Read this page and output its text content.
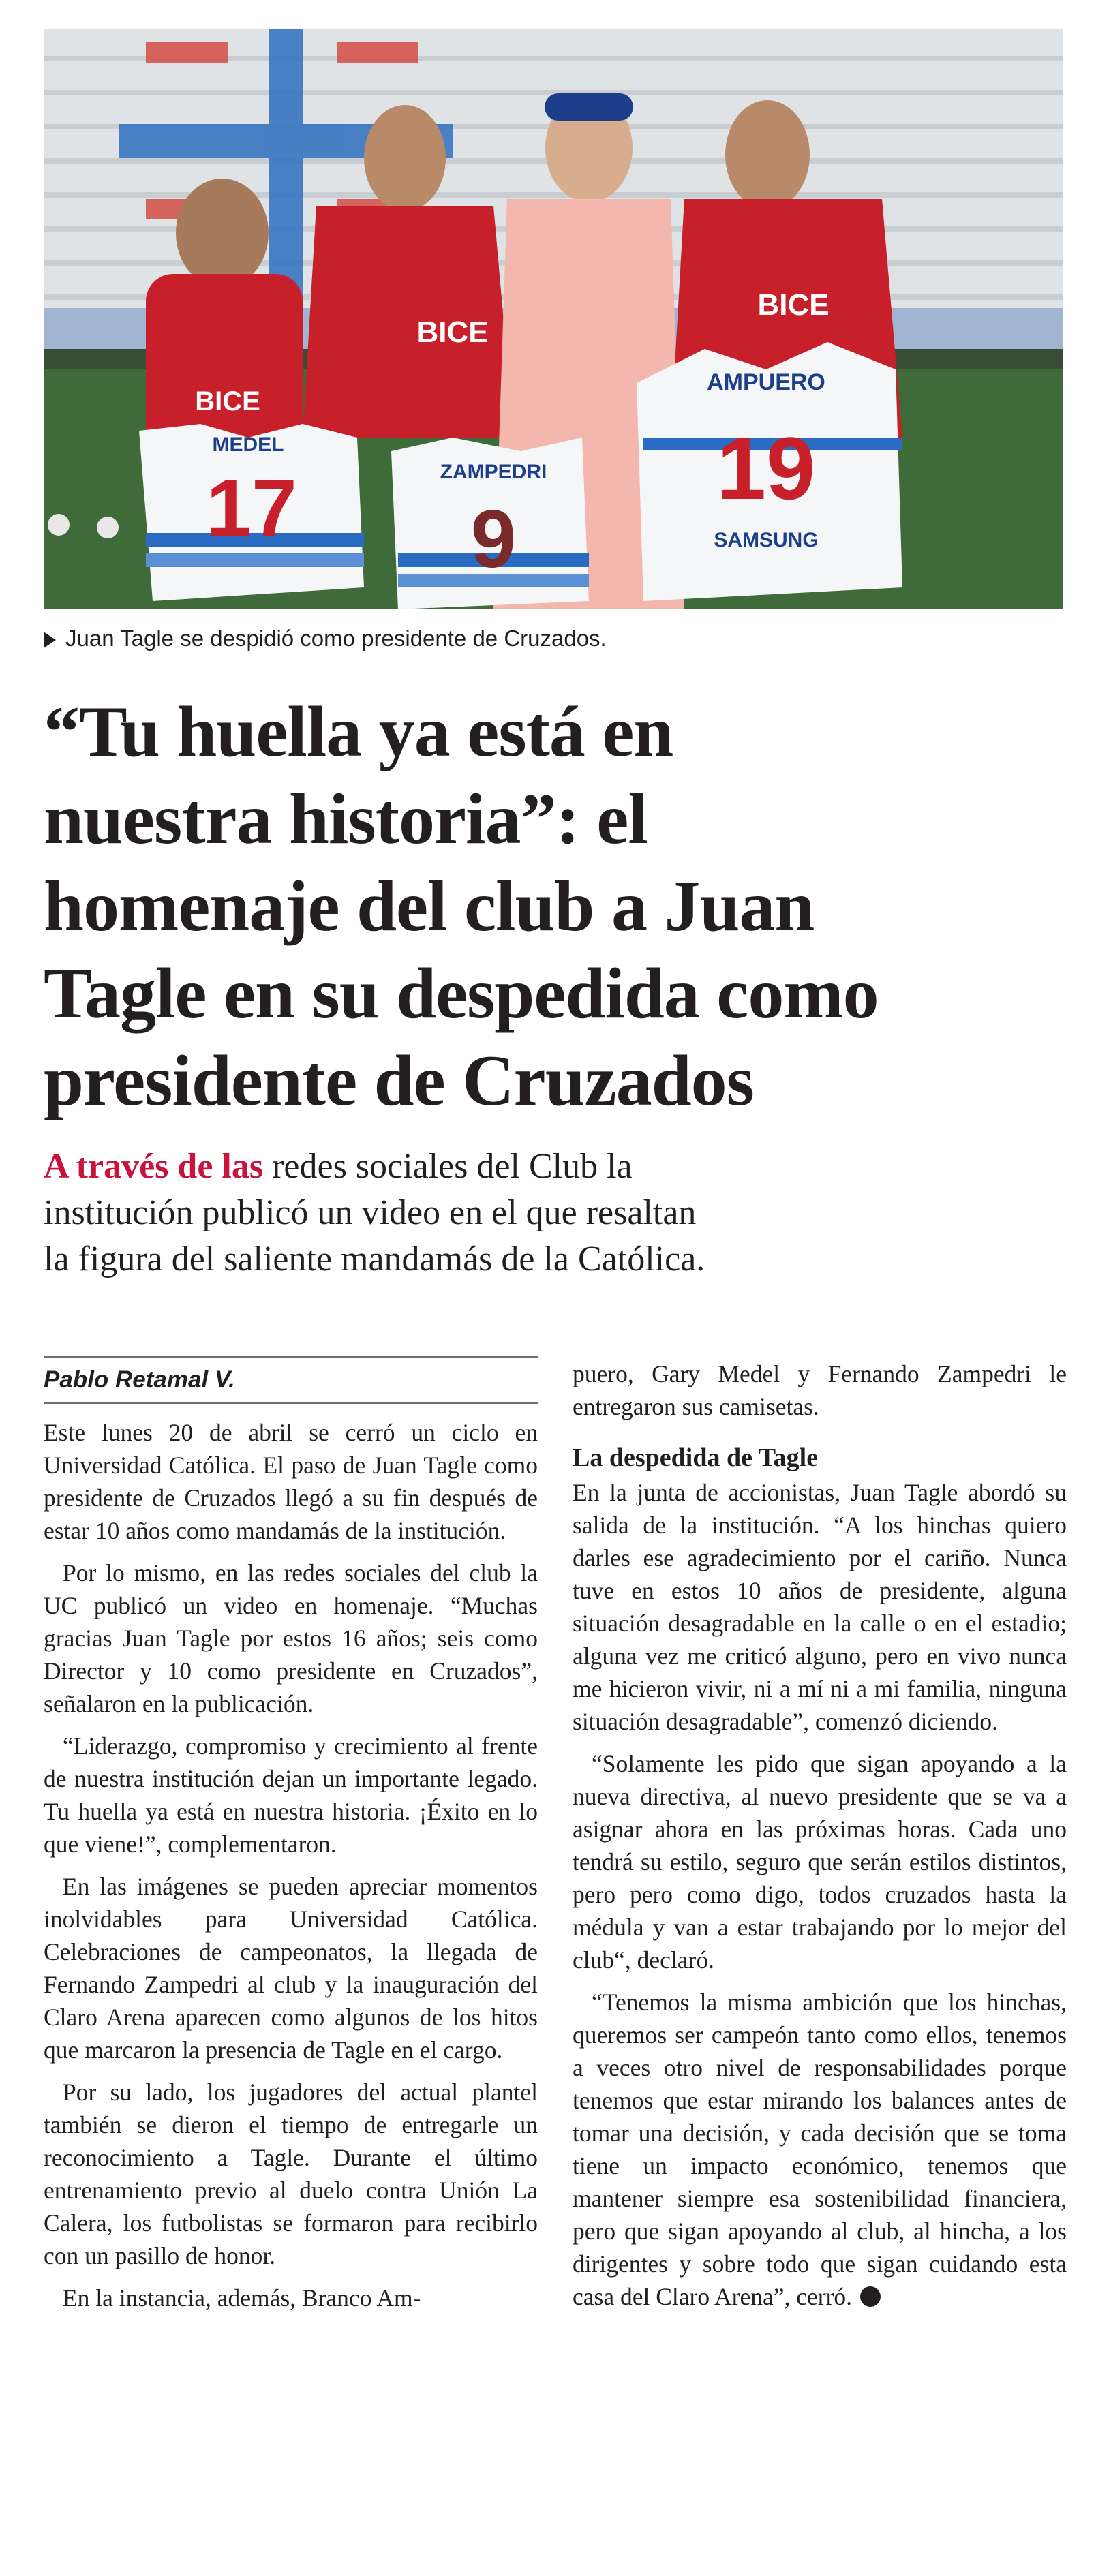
MEDEL
17	ZAMPEDRI
9
AMPUERO
19
SAMSUNG
BICE
BICE
BICE
Juan Tagle se despidió como presidente de Cruzados.
“Tu huella ya está en
nuestra historia”: el
homenaje del club a Juan
Tagle en su despedida como
presidente de Cruzados

A través de las redes sociales del Club la
institución publicó un video en el que resaltan
la figura del saliente mandamás de la Católica.

Pablo Retamal V.

Este lunes 20 de abril se cerró un ciclo en Universidad Católica. El paso de Juan Tagle como presidente de Cruzados llegó a su fin después de estar 10 años como mandamás de la institución.

Por lo mismo, en las redes sociales del club la UC publicó un video en homenaje. “Muchas gracias Juan Tagle por estos 16 años; seis como Director y 10 como presidente en Cruzados”, señalaron en la publicación.

“Liderazgo, compromiso y crecimiento al frente de nuestra institución dejan un importante legado. Tu huella ya está en nuestra historia. ¡Éxito en lo que viene!”, complementaron.

En las imágenes se pueden apreciar momentos inolvidables para Universidad Católica. Celebraciones de campeonatos, la llegada de Fernando Zampedri al club y la inauguración del Claro Arena aparecen como algunos de los hitos que marcaron la presencia de Tagle en el cargo.

Por su lado, los jugadores del actual plantel también se dieron el tiempo de entregarle un reconocimiento a Tagle. Durante el último entrenamiento previo al duelo contra Unión La Calera, los futbolistas se formaron para recibirlo con un pasillo de honor.

En la instancia, además, Branco Am-

puero, Gary Medel y Fernando Zampedri le entregaron sus camisetas.

La despedida de Tagle

En la junta de accionistas, Juan Tagle abordó su salida de la institución. “A los hinchas quiero darles ese agradecimiento por el cariño. Nunca tuve en estos 10 años de presidente, alguna situación desagradable en la calle o en el estadio; alguna vez me criticó alguno, pero en vivo nunca me hicieron vivir, ni a mí ni a mi familia, ninguna situación desagradable”, comenzó diciendo.

“Solamente les pido que sigan apoyando a la nueva directiva, al nuevo presidente que se va a asignar ahora en las próximas horas. Cada uno tendrá su estilo, seguro que serán estilos distintos, pero pero como digo, todos cruzados hasta la médula y van a estar trabajando por lo mejor del club“, declaró.

“Tenemos la misma ambición que los hinchas, queremos ser campeón tanto como ellos, tenemos a veces otro nivel de responsabilidades porque tenemos que estar mirando los balances antes de tomar una decisión, y cada decisión que se toma tiene un impacto económico, tenemos que mantener siempre esa sostenibilidad financiera, pero que sigan apoyando al club, al hincha, a los dirigentes y sobre todo que sigan cuidando esta casa del Claro Arena”, cerró.
